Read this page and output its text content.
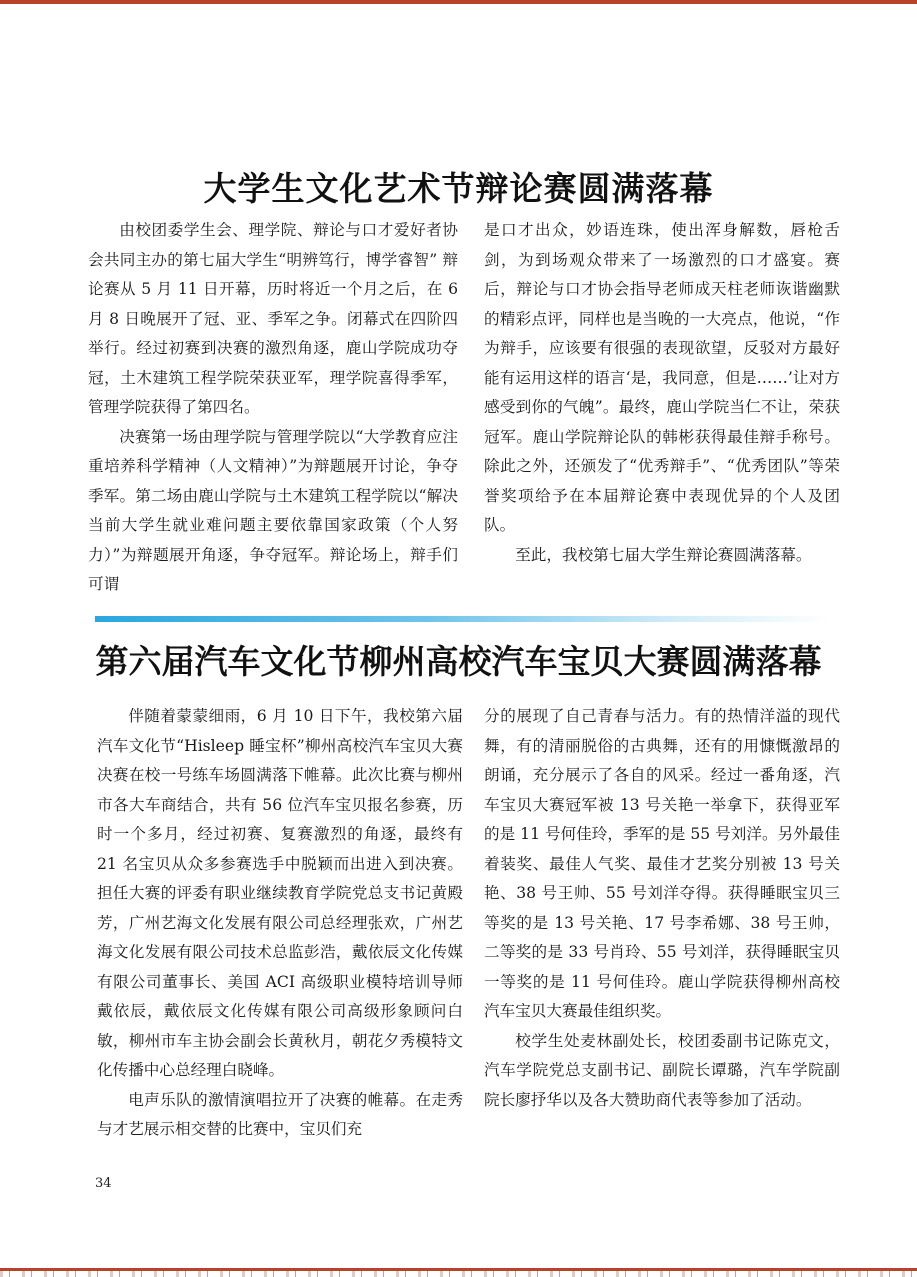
大学生文化艺术节辩论赛圆满落幕

由校团委学生会、理学院、辩论与口才爱好者协会共同主办的第七届大学生“明辨笃行，博学睿智” 辩论赛从 5 月 11 日开幕，历时将近一个月之后，在 6 月 8 日晚展开了冠、亚、季军之争。闭幕式在四阶四举行。经过初赛到决赛的激烈角逐，鹿山学院成功夺冠，土木建筑工程学院荣获亚军，理学院喜得季军，管理学院获得了第四名。

决赛第一场由理学院与管理学院以“大学教育应注重培养科学精神（人文精神）”为辩题展开讨论，争夺季军。第二场由鹿山学院与土木建筑工程学院以“解决当前大学生就业难问题主要依靠国家政策（个人努力）”为辩题展开角逐，争夺冠军。辩论场上，辩手们可谓

是口才出众，妙语连珠，使出浑身解数，唇枪舌剑，为到场观众带来了一场激烈的口才盛宴。赛后，辩论与口才协会指导老师成天柱老师诙谐幽默的精彩点评，同样也是当晚的一大亮点，他说，“作为辩手，应该要有很强的表现欲望，反驳对方最好能有运用这样的语言‘是，我同意，但是……’让对方感受到你的气魄”。最终，鹿山学院当仁不让，荣获冠军。鹿山学院辩论队的韩彬获得最佳辩手称号。除此之外，还颁发了“优秀辩手”、“优秀团队”等荣誉奖项给予在本届辩论赛中表现优异的个人及团队。

至此，我校第七届大学生辩论赛圆满落幕。

第六届汽车文化节柳州高校汽车宝贝大赛圆满落幕

伴随着蒙蒙细雨，6 月 10 日下午，我校第六届汽车文化节“Hisleep 睡宝杯”柳州高校汽车宝贝大赛决赛在校一号练车场圆满落下帷幕。此次比赛与柳州市各大车商结合，共有 56 位汽车宝贝报名参赛，历时一个多月，经过初赛、复赛激烈的角逐，最终有 21 名宝贝从众多参赛选手中脱颖而出进入到决赛。担任大赛的评委有职业继续教育学院党总支书记黄殿芳，广州艺海文化发展有限公司总经理张欢，广州艺海文化发展有限公司技术总监彭浩，戴依辰文化传媒有限公司董事长、美国 ACI 高级职业模特培训导师戴依辰，戴依辰文化传媒有限公司高级形象顾问白敏，柳州市车主协会副会长黄秋月，朝花夕秀模特文化传播中心总经理白晓峰。

电声乐队的激情演唱拉开了决赛的帷幕。在走秀与才艺展示相交替的比赛中，宝贝们充

分的展现了自己青春与活力。有的热情洋溢的现代舞，有的清丽脱俗的古典舞，还有的用慷慨激昂的朗诵，充分展示了各自的风采。经过一番角逐，汽车宝贝大赛冠军被 13 号关艳一举拿下，获得亚军的是 11 号何佳玲，季军的是 55 号刘洋。另外最佳着装奖、最佳人气奖、最佳才艺奖分别被 13 号关艳、38 号王帅、55 号刘洋夺得。获得睡眠宝贝三等奖的是 13 号关艳、17 号李希娜、38 号王帅，二等奖的是 33 号肖玲、55 号刘洋，获得睡眠宝贝一等奖的是 11 号何佳玲。鹿山学院获得柳州高校汽车宝贝大赛最佳组织奖。

校学生处麦林副处长，校团委副书记陈克文，汽车学院党总支副书记、副院长谭璐，汽车学院副院长廖抒华以及各大赞助商代表等参加了活动。

34
